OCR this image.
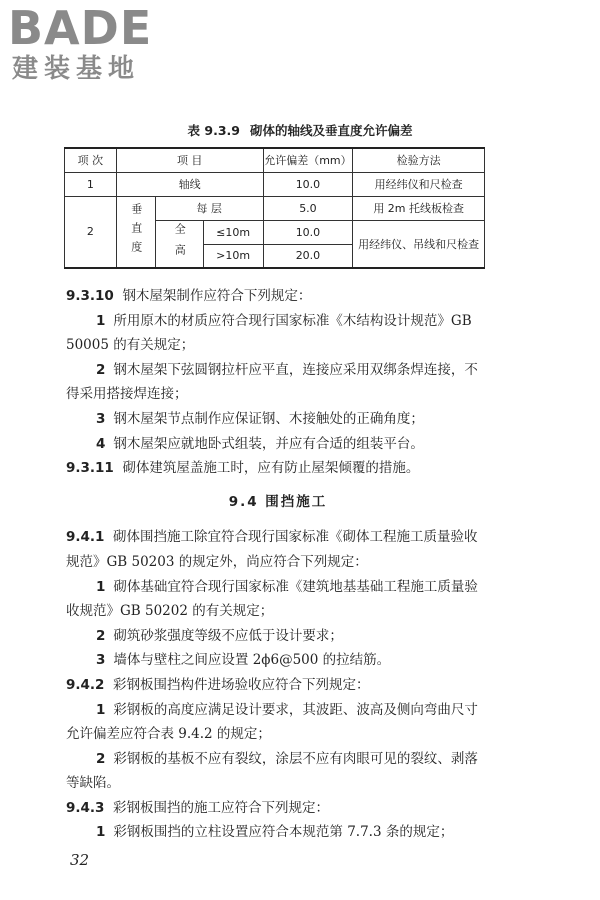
BADE
建装基地
表 9.3.9 砌体的轴线及垂直度允许偏差
项 次	项 目			允许偏差（mm）	检验方法
1	轴线			10.0	用经纬仪和尺检查
2	垂直度	每 层		5.0	用 2m 托线板检查
		全高	≤10m	10.0	用经纬仪、吊线和尺检查
			>10m	20.0	

9.3.10 钢木屋架制作应符合下列规定：

1 所用原木的材质应符合现行国家标准《木结构设计规范》GB 50005 的有关规定；

2 钢木屋架下弦圆钢拉杆应平直，连接应采用双绑条焊连接，不得采用搭接焊连接；

3 钢木屋架节点制作应保证钢、木接触处的正确角度；

4 钢木屋架应就地卧式组装，并应有合适的组装平台。

9.3.11 砌体建筑屋盖施工时，应有防止屋架倾覆的措施。

9.4 围挡施工

9.4.1 砌体围挡施工除宜符合现行国家标准《砌体工程施工质量验收规范》GB 50203 的规定外，尚应符合下列规定：

1 砌体基础宜符合现行国家标准《建筑地基基础工程施工质量验收规范》GB 50202 的有关规定；

2 砌筑砂浆强度等级不应低于设计要求；

3 墙体与壁柱之间应设置 2ϕ6@500 的拉结筋。

9.4.2 彩钢板围挡构件进场验收应符合下列规定：

1 彩钢板的高度应满足设计要求，其波距、波高及侧向弯曲尺寸允许偏差应符合表 9.4.2 的规定；

2 彩钢板的基板不应有裂纹，涂层不应有肉眼可见的裂纹、剥落等缺陷。

9.4.3 彩钢板围挡的施工应符合下列规定：

1 彩钢板围挡的立柱设置应符合本规范第 7.7.3 条的规定；

32
